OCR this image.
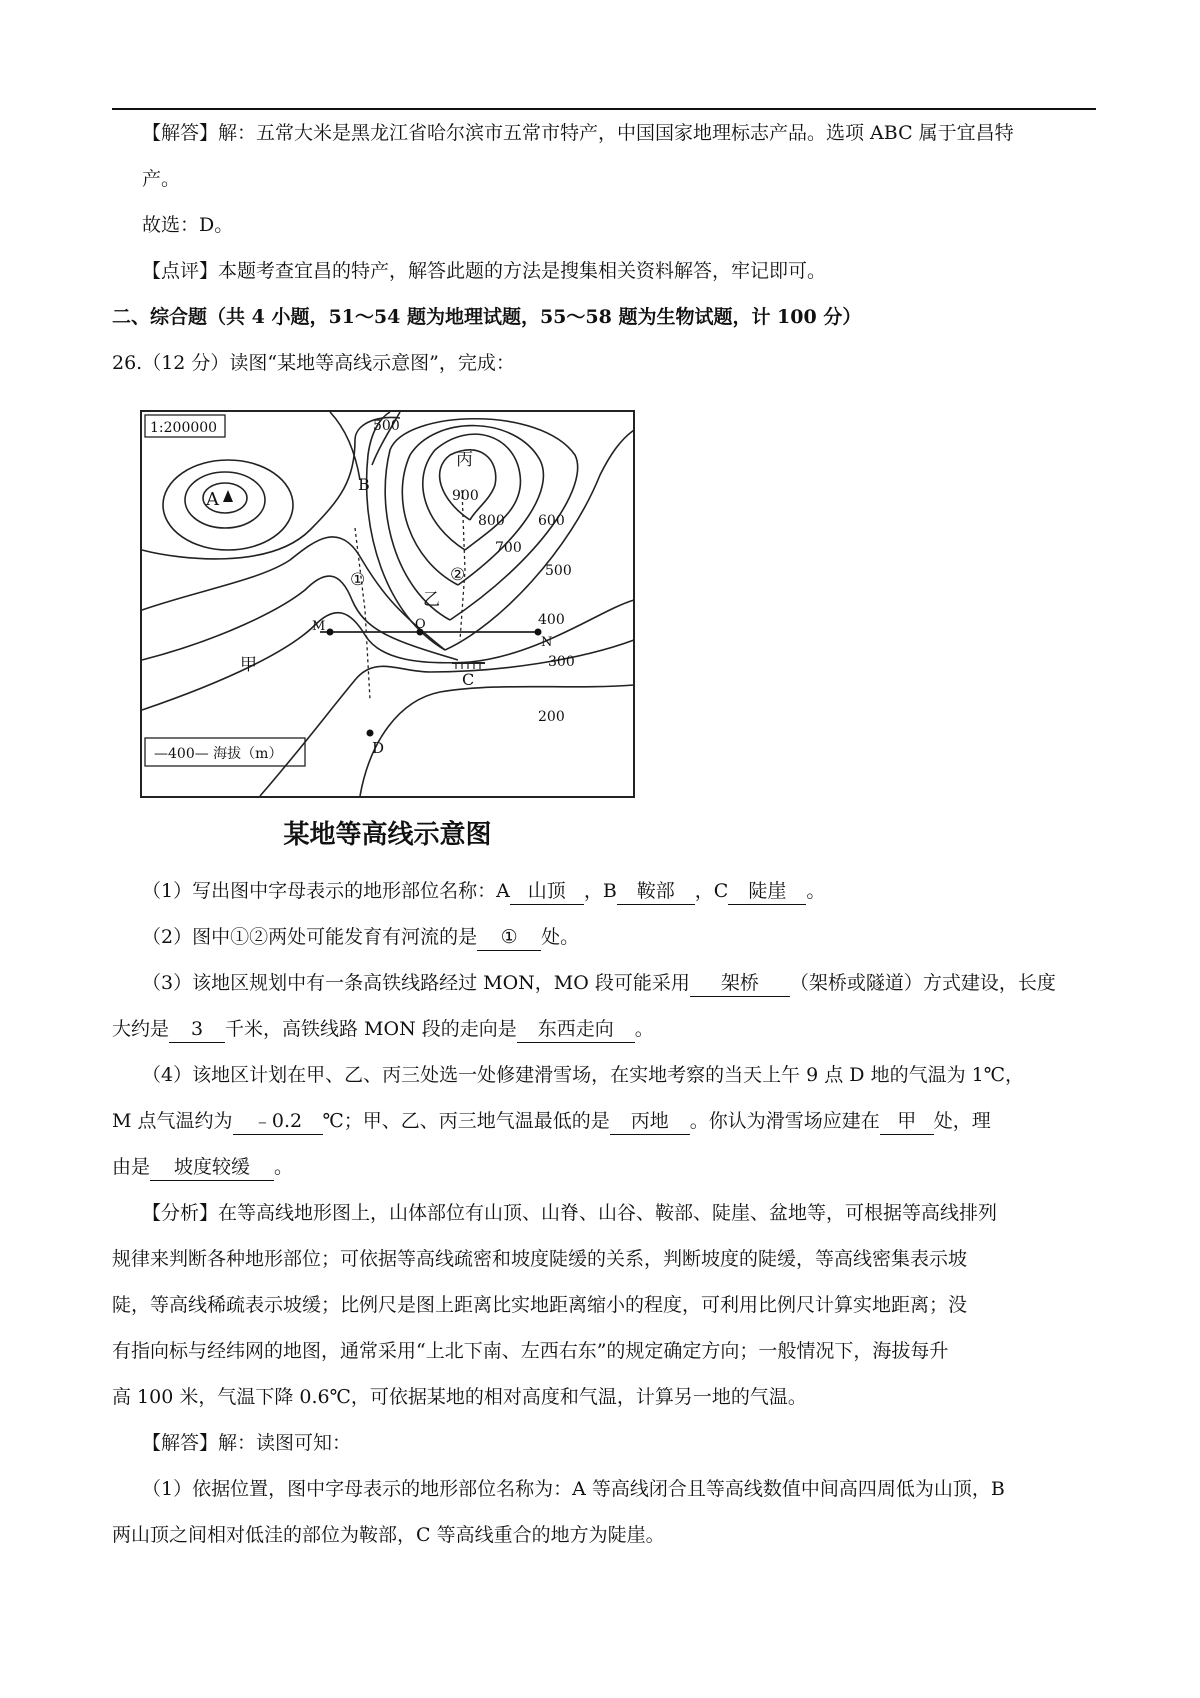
【解答】解：五常大米是黑龙江省哈尔滨市五常市特产，中国国家地理标志产品。选项 ABC 属于宜昌特

产。

故选：D。

【点评】本题考查宜昌的特产，解答此题的方法是搜集相关资料解答，牢记即可。

二、综合题（共 4 小题，51～54 题为地理试题，55～58 题为生物试题，计 100 分）

26.（12 分）读图“某地等高线示意图”，完成：

1:200000
—400— 海拔（m）
A
B
C
D
M	O
N
甲
乙
丙
①	②
500
900
800
700
600
500
400
300
200
某地等高线示意图

（1）写出图中字母表示的地形部位名称：A 山顶 ，B 鞍部 ，C 陡崖 。

（2）图中①②两处可能发育有河流的是 ① 处。

（3）该地区规划中有一条高铁线路经过 MON，MO 段可能采用 架桥 （架桥或隧道）方式建设，长度

大约是 3 千米，高铁线路 MON 段的走向是 东西走向 。

（4）该地区计划在甲、乙、丙三处选一处修建滑雪场，在实地考察的当天上午 9 点 D 地的气温为 1℃，

M 点气温约为 ﹣0.2 ℃；甲、乙、丙三地气温最低的是 丙地 。你认为滑雪场应建在 甲 处，理

由是 坡度较缓 。

【分析】在等高线地形图上，山体部位有山顶、山脊、山谷、鞍部、陡崖、盆地等，可根据等高线排列

规律来判断各种地形部位；可依据等高线疏密和坡度陡缓的关系，判断坡度的陡缓，等高线密集表示坡

陡，等高线稀疏表示坡缓；比例尺是图上距离比实地距离缩小的程度，可利用比例尺计算实地距离；没

有指向标与经纬网的地图，通常采用“上北下南、左西右东”的规定确定方向；一般情况下，海拔每升

高 100 米，气温下降 0.6℃，可依据某地的相对高度和气温，计算另一地的气温。

【解答】解：读图可知：

（1）依据位置，图中字母表示的地形部位名称为：A 等高线闭合且等高线数值中间高四周低为山顶，B

两山顶之间相对低洼的部位为鞍部，C 等高线重合的地方为陡崖。
